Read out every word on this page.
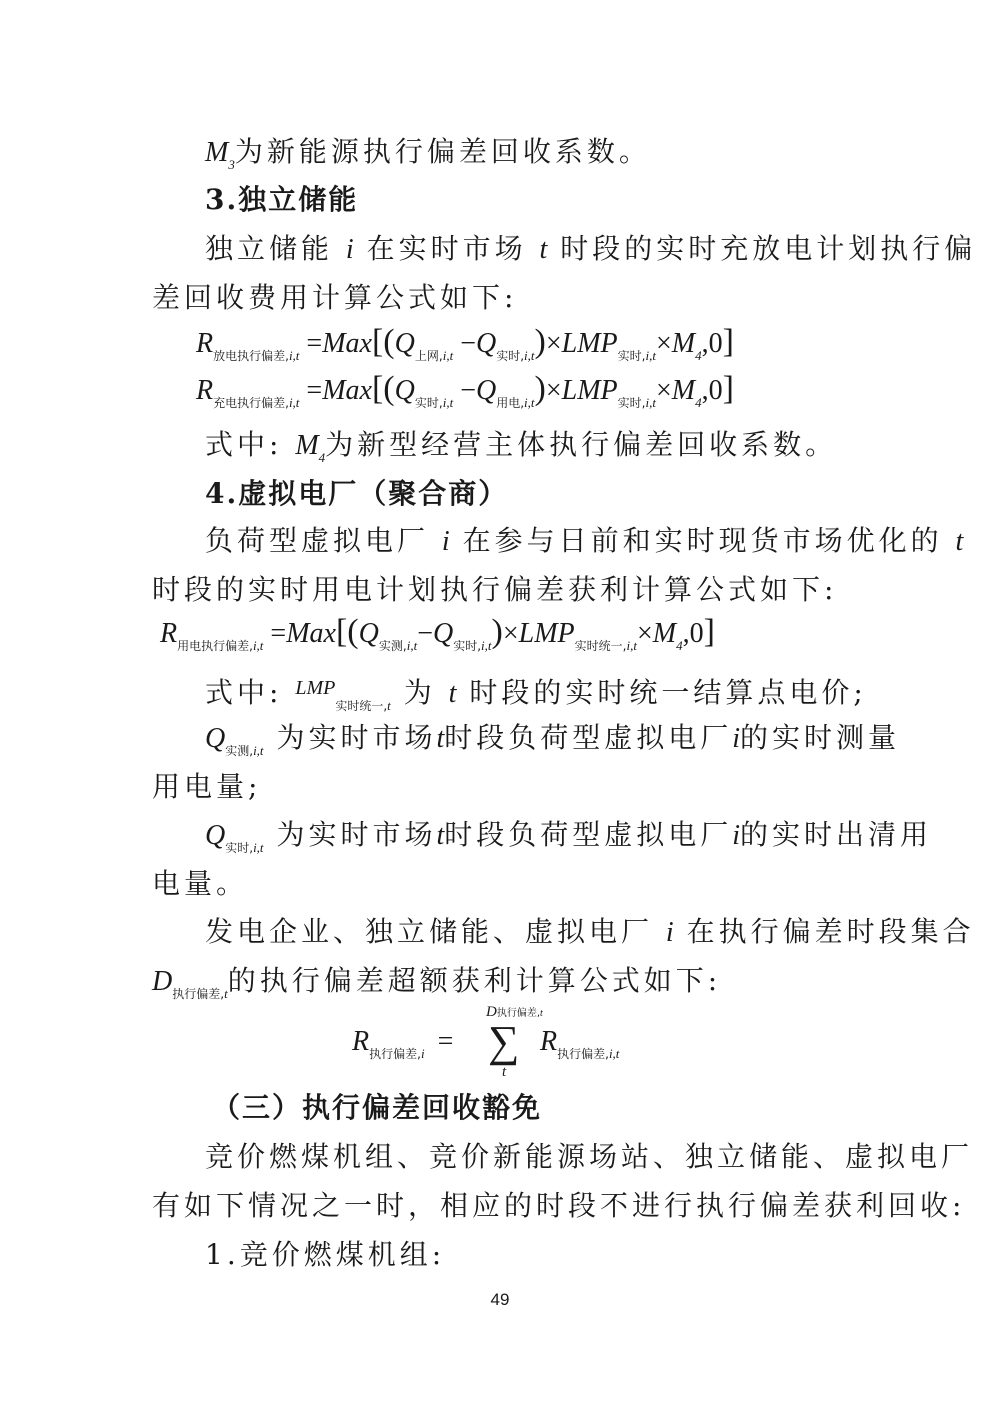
$M_3$为新能源执行偏差回收系数。
3.独立储能
独立储能 i 在实时市场 t 时段的实时充放电计划执行偏
差回收费用计算公式如下:
$R_{放电执行偏差,i,t} =Max[(Q_{上网,i,t} -Q_{实时,i,t})\times LMP_{实时,i,t}\times M_4,0]$
$R_{充电执行偏差,i,t} =Max[(Q_{实时,i,t} -Q_{用电,i,t})\times LMP_{实时,i,t}\times M_4,0]$
式中: $M_4$为新型经营主体执行偏差回收系数。
4.虚拟电厂（聚合商）
负荷型虚拟电厂 i 在参与日前和实时现货市场优化的 t
时段的实时用电计划执行偏差获利计算公式如下:
$R_{用电执行偏差,i,t} =Max[(Q_{实测,i,t}-Q_{实时,i,t})\times LMP_{实时统一,i,t}\times M_4,0]$
式中: $^{LMP}_{实时统一,t}$ 为 t 时段的实时统一结算点电价;
$Q_{实测,i,t}$ 为实时市场t时段负荷型虚拟电厂i的实时测量
用电量;
$Q_{实时,i,t}$ 为实时市场t时段负荷型虚拟电厂i的实时出清用
电量。
发电企业、独立储能、虚拟电厂 i 在执行偏差时段集合
$D_{执行偏差,t}$的执行偏差超额获利计算公式如下:
$R_{执行偏差,i}$ =
D执行偏差,t
∑
t
$R_{执行偏差,i,t}$
（三）执行偏差回收豁免
竞价燃煤机组、竞价新能源场站、独立储能、虚拟电厂
有如下情况之一时，相应的时段不进行执行偏差获利回收:
1.竞价燃煤机组:
49
